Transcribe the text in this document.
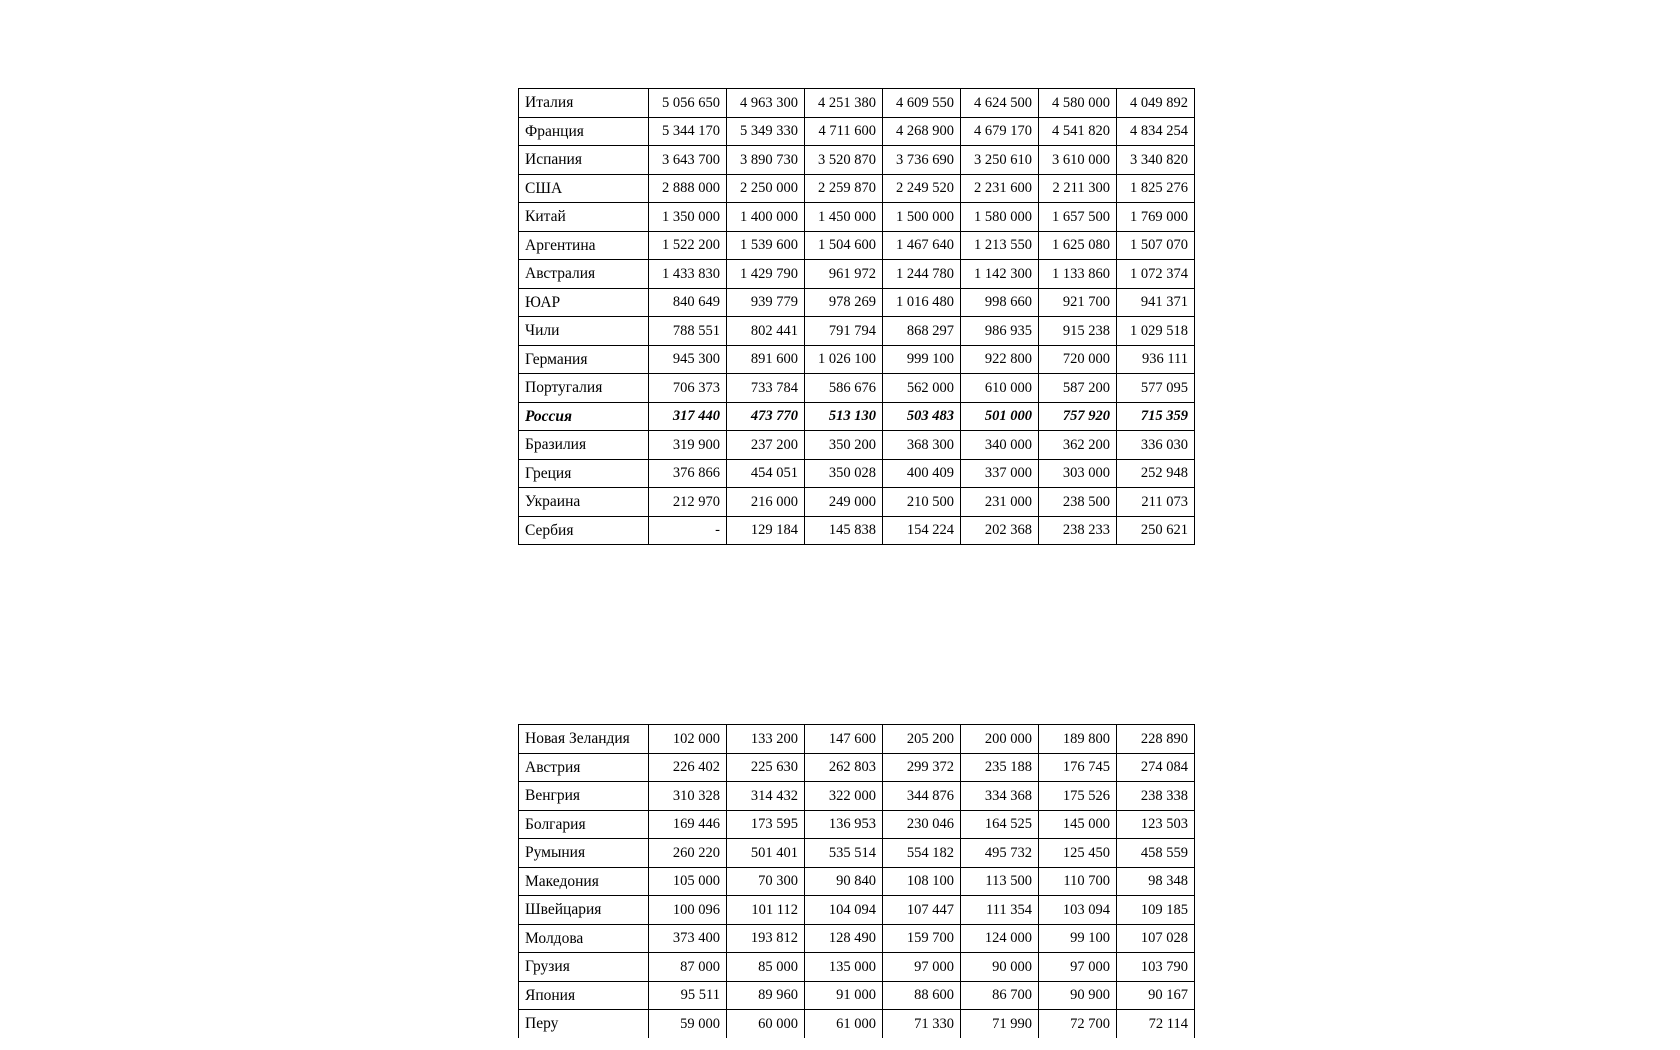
Италия	5 056 650	4 963 300	4 251 380	4 609 550	4 624 500	4 580 000	4 049 892
Франция	5 344 170	5 349 330	4 711 600	4 268 900	4 679 170	4 541 820	4 834 254
Испания	3 643 700	3 890 730	3 520 870	3 736 690	3 250 610	3 610 000	3 340 820
США	2 888 000	2 250 000	2 259 870	2 249 520	2 231 600	2 211 300	1 825 276
Китай	1 350 000	1 400 000	1 450 000	1 500 000	1 580 000	1 657 500	1 769 000
Аргентина	1 522 200	1 539 600	1 504 600	1 467 640	1 213 550	1 625 080	1 507 070
Австралия	1 433 830	1 429 790	961 972	1 244 780	1 142 300	1 133 860	1 072 374
ЮАР	840 649	939 779	978 269	1 016 480	998 660	921 700	941 371
Чили	788 551	802 441	791 794	868 297	986 935	915 238	1 029 518
Германия	945 300	891 600	1 026 100	999 100	922 800	720 000	936 111
Португалия	706 373	733 784	586 676	562 000	610 000	587 200	577 095
Россия	317 440	473 770	513 130	503 483	501 000	757 920	715 359
Бразилия	319 900	237 200	350 200	368 300	340 000	362 200	336 030
Греция	376 866	454 051	350 028	400 409	337 000	303 000	252 948
Украина	212 970	216 000	249 000	210 500	231 000	238 500	211 073
Сербия	-	129 184	145 838	154 224	202 368	238 233	250 621
Новая Зеландия	102 000	133 200	147 600	205 200	200 000	189 800	228 890
Австрия	226 402	225 630	262 803	299 372	235 188	176 745	274 084
Венгрия	310 328	314 432	322 000	344 876	334 368	175 526	238 338
Болгария	169 446	173 595	136 953	230 046	164 525	145 000	123 503
Румыния	260 220	501 401	535 514	554 182	495 732	125 450	458 559
Македония	105 000	70 300	90 840	108 100	113 500	110 700	98 348
Швейцария	100 096	101 112	104 094	107 447	111 354	103 094	109 185
Молдова	373 400	193 812	128 490	159 700	124 000	99 100	107 028
Грузия	87 000	85 000	135 000	97 000	90 000	97 000	103 790
Япония	95 511	89 960	91 000	88 600	86 700	90 900	90 167
Перу	59 000	60 000	61 000	71 330	71 990	72 700	72 114
